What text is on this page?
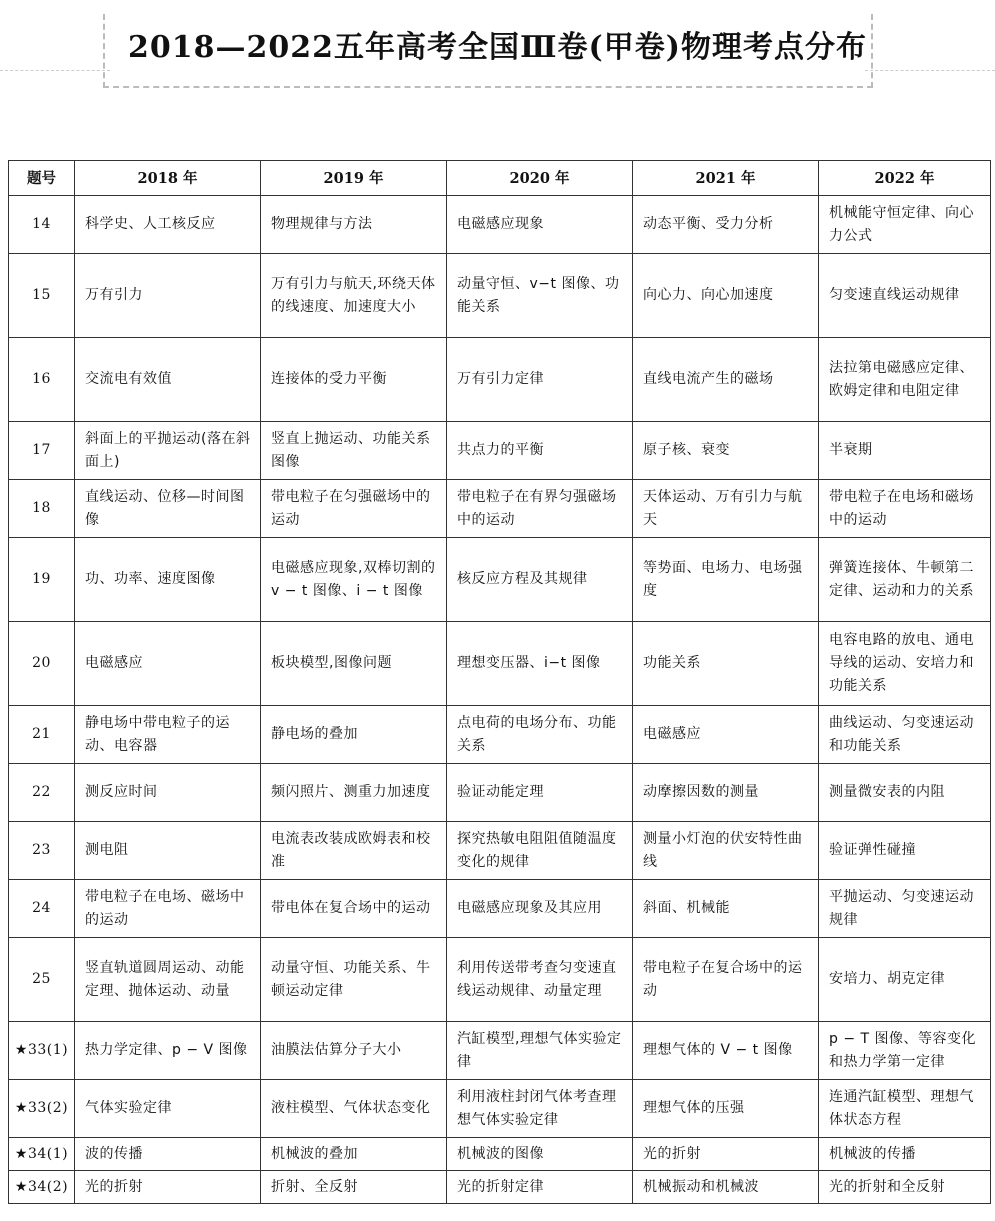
2018—2022五年高考全国Ⅲ卷(甲卷)物理考点分布
题号	2018 年	2019 年	2020 年	2021 年	2022 年
14	科学史、人工核反应	物理规律与方法	电磁感应现象	动态平衡、受力分析	机械能守恒定律、向心力公式
15	万有引力	万有引力与航天,环绕天体的线速度、加速度大小	动量守恒、v−t 图像、功能关系	向心力、向心加速度	匀变速直线运动规律
16	交流电有效值	连接体的受力平衡	万有引力定律	直线电流产生的磁场	法拉第电磁感应定律、欧姆定律和电阻定律
17	斜面上的平抛运动(落在斜面上)	竖直上抛运动、功能关系图像	共点力的平衡	原子核、衰变	半衰期
18	直线运动、位移—时间图像	带电粒子在匀强磁场中的运动	带电粒子在有界匀强磁场中的运动	天体运动、万有引力与航天	带电粒子在电场和磁场中的运动
19	功、功率、速度图像	电磁感应现象,双棒切割的 v − t 图像、i − t 图像	核反应方程及其规律	等势面、电场力、电场强度	弹簧连接体、牛顿第二定律、运动和力的关系
20	电磁感应	板块模型,图像问题	理想变压器、i−t 图像	功能关系	电容电路的放电、通电导线的运动、安培力和功能关系
21	静电场中带电粒子的运动、电容器	静电场的叠加	点电荷的电场分布、功能关系	电磁感应	曲线运动、匀变速运动和功能关系
22	测反应时间	频闪照片、测重力加速度	验证动能定理	动摩擦因数的测量	测量微安表的内阻
23	测电阻	电流表改装成欧姆表和校准	探究热敏电阻阻值随温度变化的规律	测量小灯泡的伏安特性曲线	验证弹性碰撞
24	带电粒子在电场、磁场中的运动	带电体在复合场中的运动	电磁感应现象及其应用	斜面、机械能	平抛运动、匀变速运动规律
25	竖直轨道圆周运动、动能定理、抛体运动、动量	动量守恒、功能关系、牛顿运动定律	利用传送带考查匀变速直线运动规律、动量定理	带电粒子在复合场中的运动	安培力、胡克定律
★33(1)	热力学定律、p − V 图像	油膜法估算分子大小	汽缸模型,理想气体实验定律	理想气体的 V − t 图像	p − T 图像、等容变化和热力学第一定律
★33(2)	气体实验定律	液柱模型、气体状态变化	利用液柱封闭气体考查理想气体实验定律	理想气体的压强	连通汽缸模型、理想气体状态方程
★34(1)	波的传播	机械波的叠加	机械波的图像	光的折射	机械波的传播
★34(2)	光的折射	折射、全反射	光的折射定律	机械振动和机械波	光的折射和全反射
